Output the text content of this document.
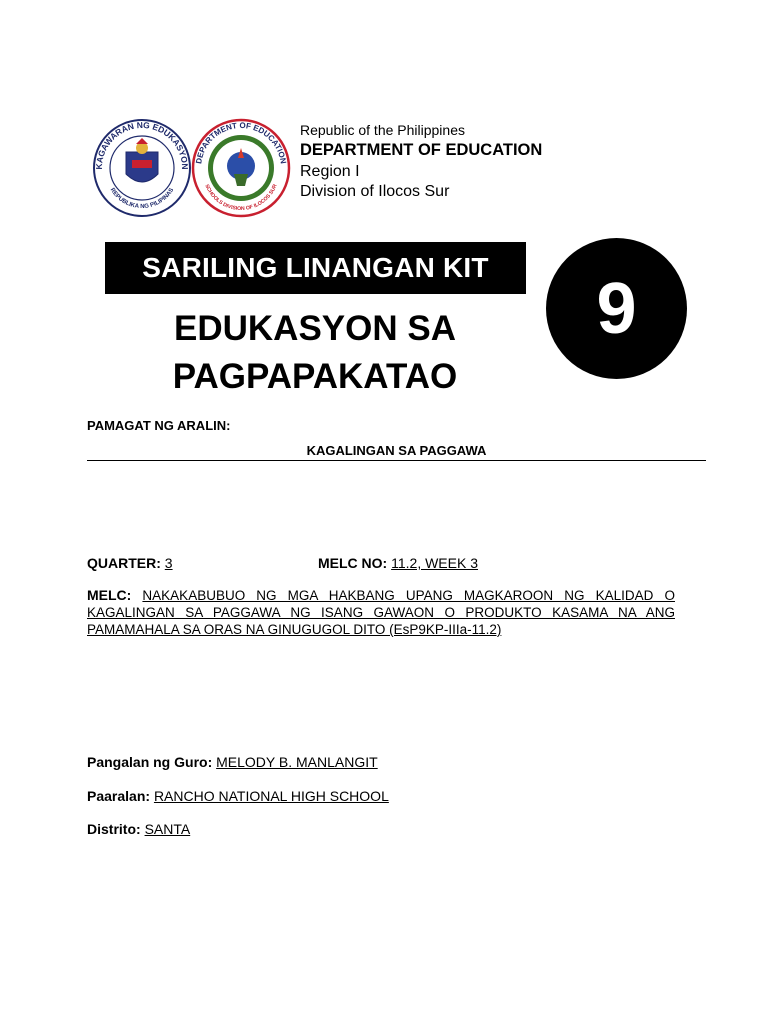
KAGAWARAN NG EDUKASYON
REPUBLIKA NG PILIPINAS
DEPARTMENT OF EDUCATION
SCHOOLS DIVISION OF ILOCOS SUR
Republic of the Philippines
DEPARTMENT OF EDUCATION
Region I
Division of Ilocos Sur
SARILING LINANGAN KIT
EDUKASYON SA
PAGPAPAKATAO
9
PAMAGAT NG ARALIN:
KAGALINGAN SA PAGGAWA
QUARTER: 3	MELC NO: 11.2, WEEK 3
MELC: NAKAKABUBUO NG MGA HAKBANG UPANG MAGKAROON NG KALIDAD O KAGALINGAN SA PAGGAWA NG ISANG GAWAON O PRODUKTO KASAMA NA ANG PAMAMAHALA SA ORAS NA GINUGUGOL DITO (EsP9KP-IIIa-11.2)
Pangalan ng Guro: MELODY B. MANLANGIT
Paaralan: RANCHO NATIONAL HIGH SCHOOL
Distrito: SANTA
